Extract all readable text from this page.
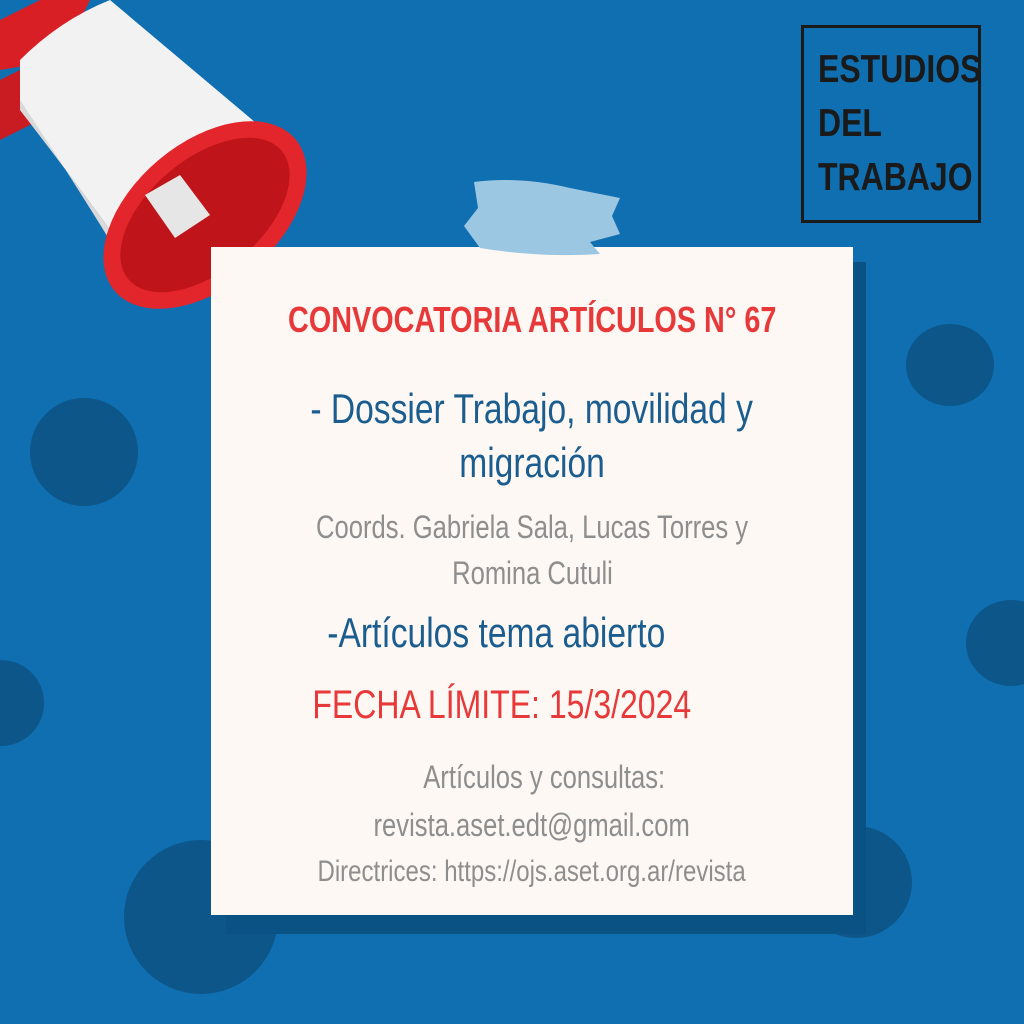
ESTUDIOS
DEL
TRABAJO
CONVOCATORIA ARTÍCULOS N° 67
- Dossier Trabajo, movilidad y
migración
Coords. Gabriela Sala, Lucas Torres y
Romina Cutuli
-Artículos tema abierto
FECHA LÍMITE: 15/3/2024
Artículos y consultas:
revista.aset.edt@gmail.com
Directrices: https://ojs.aset.org.ar/revista
